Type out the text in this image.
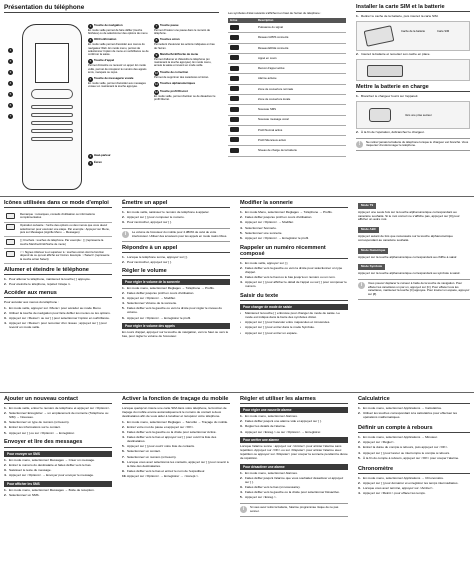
Présentation du téléphone
1
2
3
4
5
6
7
1 Touche de navigation
En mode veille permet de faire défiler (touche fléchées) ou de sélectionner des options de menu.
4 OK/Confirmation
En mode veille permet d'accéder aux menus du navigateur Web. En mode menu, permet de sélectionner l'option de menu en surbrillance ou de confirmer la saisie.
5 Touche d'appel
Permet d'émettre ou recevoir un appel. En mode veille, permet de récupérer le numéro des appels émis, manqués ou reçus.
6 Touche de messagerie vocale
En mode veille, permet d'accéder aux messages vocaux en maintenant la touche appuyée.
7 Touche pause
Permet d'insérer une pause dans le numéro de téléphone.
8 Touches écran
Permettent d'exécuter les actions indiquées en bas de l'écran.
9 Marche/Arrêt/Sortie de menu
Permet d'allumer et d'éteindre le téléphone (en maintenant la touche appuyée). En mode menu, annule la saisie et revient en mode veille.
10 Touche de correction
Permet de supprimer des caractères à l'écran.
11 Touches alphanumériques
12 Touche profil Discret
En mode veille, permet d'activer ou de désactiver le profil Discret.
2 Haut-parleur
3 Écran
Les symboles d'état suivants s'affichent en haut de l'écran du téléphone :
Icône	Description
	Puissance du signal
	Réseau GPRS connecté
	Réseau EDGE connecté
	Appel en cours
	Renvoi d'appel activé
	Alarme activée
	Zone de couverture normale
	Zone de couverture locale
	Nouveau SMS
	Nouveau message vocal
	Profil Normal activé
	Profil Silencieux activé
	Niveau de charge de la batterie
Installer la carte SIM et la batterie
1. Retirez le cache de la batterie, puis insérez la carte SIM.
Cache de la batterie	Carte SIM
2. Insérez la batterie et remettez son cache en place.
Mettre la batterie en charge
1. Branchez le chargeur fourni sur l'appareil.
Vers une prise secteur
2. À la fin de l'opération, débranchez le chargeur.
!	Ne retirez jamais la batterie du téléphone lorsque le chargeur est branché. Vous risqueriez d'endommager le téléphone.
Icônes utilisées dans ce mode d'emploi
	Remarque : remarques, conseils d'utilisation ou informations complémentaires
	Opération suivante : l'ordre des options ou des menus que vous devez sélectionner pour exécuter une étape. Par exemple : Appuyez sur Menu, puis sur Messages (signifie Menu → Messages)
	[ ] Crochets : touches du téléphone. Par exemple : [ ] (représente la touche Marche/Arrêt/Sortie de menu)
	< > Signes inférieur à et supérieur à : touches écran dont la fonction dépend de ce qui est affiché sur l'écran. Exemple : <Select> (représente la touche écran Select)
Allumer et éteindre le téléphone
1. Pour allumer le téléphone, maintenez la touche [ ] appuyée.
2. Pour éteindre le téléphone, répétez l'étape 1.
Accéder aux menus
Pour accéder aux menus du téléphone :
1. En mode veille, appuyez sur <Menu> pour accéder au mode Menu.
2. Utilisez la touche de navigation pour faire défiler les menus ou les options.
3. Appuyez sur <Retour> ou sur [ ] pour sélectionner l'option en surbrillance.
4. Appuyez sur <Retour> pour remonter d'un niveau ; appuyez sur [ ] pour revenir en mode veille.
Émettre un appel
1. En mode veille, saisissez le numéro de téléphone à appeler.
2. Appuyez sur [ ] pour composer le numéro.
3. Pour raccrocher, appuyez sur [ ].
i	Le volume de l'écouteur du mobile pour 4 dB/0% de celui de votre interlocuteur. Utilisez des écouteurs pour les appels en mode mains libres.
Répondre à un appel
1. Lorsque le téléphone sonne, appuyez sur [ ].
2. Pour raccrocher, appuyez sur [ ].
Régler le volume
Pour régler le volume de la sonnerie
1. En mode menu, sélectionnez Réglages → Téléphone → Profils.
2. Faites défiler jusqu'au profil en cours d'utilisation.
3. Appuyez sur <Options> → Modifier.
4. Sélectionnez Volume de la sonnerie.
5. Faites défiler vers la gauche ou vers la droite pour régler le niveau du volume.
6. Appuyez sur <Options> → Enregistrer le profil.
Pour régler le volume des appels
En cours d'appel, appuyez sur la touche de navigation, vers le haut ou vers le bas, pour régler le volume de l'écouteur.
Modifier la sonnerie
1. En mode Menu, sélectionnez Réglages → Téléphone → Profils.
2. Faites défiler jusqu'au profil en cours d'utilisation.
3. Appuyez sur <Options> → Modifier.
4. Sélectionnez Sonnerie.
5. Sélectionnez une sonnerie.
6. Appuyez sur <Options> → Enregistrer le profil.
Rappeler un numéro récemment composé
1. En mode veille, appuyez sur [ ].
2. Faites défiler vers la gauche ou vers la droite pour sélectionner un type d'appel.
3. Faites défiler vers le haut ou le bas jusqu'à un numéro ou un nom.
4. Appuyez sur [ ] pour afficher le détail de l'appel ou sur [ ] pour composer le numéro.
Saisir du texte
Pour changer de mode de saisie
•	Maintenez la touche [ ] enfoncée pour changer de mode de saisie. Le mode est indiqué dans la barre des symboles d'état.
•	Appuyez sur [ ] pour basculer entre majuscules et minuscules.
•	Appuyez sur [ ] pour entrer dans le mode Symbole.
•	Appuyez sur [ ] pour entrer un espace.
Mode T9
Appuyez une seule fois sur la touche alphanumérique correspondant au caractère souhaité. Si le mot correct ne s'affiche pas, appuyez sur [0] pour afficher un autre mot.
Mode ABC
Appuyez autant de fois que nécessaire sur la touche alphanumérique correspondant au caractère souhaité.
Mode Numérique
Appuyez sur la touche alphanumérique correspondant au chiffre à saisir.
Mode Symbole
Appuyez sur la touche alphanumérique correspondant au symbole à saisir.
i	Vous pouvez déplacer le curseur à l'aide de la touche de navigation. Pour effacer les caractères un par un, appuyez sur [C]. Pour effacer tous les caractères, maintenez la touche [C] appuyée. Pour insérer un espace, appuyez sur [#].
Ajouter un nouveau contact
1. En mode veille, entrez le numéro de téléphone et appuyez sur <Options>.
2. Sélectionnez Enregistrer → un emplacement de mémoire (Téléphone ou SIM) → Nouveau.
3. Sélectionnez un type de numéro (si besoin).
4. Entrez les informations sur le contact.
5. Appuyez sur [ ] ou sur <Options> → Enregistrer.
Envoyer et lire des messages
Pour envoyer un SMS
1. En mode menu, sélectionnez Messages → Créer un message.
2. Entrez le numéro du destinataire et faites défiler vers le bas.
3. Saisissez le texte du message.
4. Appuyez sur <Options> → Envoyer pour envoyer le message.
Pour afficher les SMS
1. En mode menu, sélectionnez Messages → Boîte de réception.
2. Sélectionnez un SMS.
Activer la fonction de traçage du mobile
Lorsque quelqu'un insère une carte SIM dans votre téléphone, la fonction de traçage du mobile envoie automatiquement le numéro de contact à deux destinataires afin de vous aider à localiser et récupérer votre téléphone.
1. En mode menu, sélectionnez Réglages → Sécurité → Traçage du mobile.
2. Entrez votre mot de passe et appuyez sur <OK>.
3. Faites défiler vers la gauche ou la droite pour sélectionner Activé.
4. Faites défiler vers le bas et appuyez sur [ ] pour ouvrir la liste des destinataires.
5. Appuyez sur [ ] pour ouvrir votre liste de contacts.
6. Sélectionnez un contact.
7. Sélectionnez un numéro (si besoin).
8. Lorsque vous avez sélectionné les contacts, appuyez sur [ ] pour revenir à la liste des destinataires.
9. Faites défiler vers le bas et entrez le nom de l'expéditeur.
10. Appuyez sur <Options> → Enregistrer → <Accept.>.
Régler et utiliser les alarmes
Pour régler une nouvelle alarme
1. En mode menu, sélectionnez Alarmes.
2. Faites défiler jusqu'à une alarme vide et appuyez sur [ ].
3. Réglez les détails de l'alarme.
4. Appuyez sur <Enreg.> ou sur <Options> → Enregistrer.
Pour arrêter une alarme
Lorsque l'alarme sonne : appuyez sur <Arrêter> pour arrêter l'alarme sans répétition. Appuyez sur <OK> ou sur <Répéter> pour arrêter l'alarme avec répétition ou appuyez sur <Répéter> pour couper la sonnerie pendant la durée de répétition.
Pour désactiver une alarme
1. En mode menu, sélectionnez Alarmes.
2. Faites défiler jusqu'à l'alarme que vous souhaitez désactiver et appuyez sur [ ].
3. Faites défiler vers le bas (si nécessaire).
4. Faites défiler vers la gauche ou la droite pour sélectionner Désactivé.
5. Appuyez sur <Enreg.>.
i	Si vous avez retiré la batterie, l'alarme programmée risque de ne pas sonner.
Calculatrice
1. En mode menu, sélectionnez Applications → Calculatrice.
2. Utilisez les touches correspondant à la calculatrice pour effectuer les opérations mathématiques.
Définir un compte à rebours
1. En mode menu, sélectionnez Applications → Minuteur.
2. Appuyez sur <Régler>.
3. Entrez la durée du compte à rebours, puis appuyez sur <OK>.
4. Appuyez sur [ ] pour lancer ou interrompre le compte à rebours.
5. À la fin du compte à rebours, appuyez sur <OK> pour couper l'alarme.
Chronomètre
1. En mode menu, sélectionnez Applications → Chronomètre.
2. Appuyez sur [ ] pour démarrer et enregistrer les temps intermédiaires.
3. Lorsque vous avez terminé, appuyez sur <Arrêter>.
4. Appuyez sur <Réinit.> pour effacer les temps.
